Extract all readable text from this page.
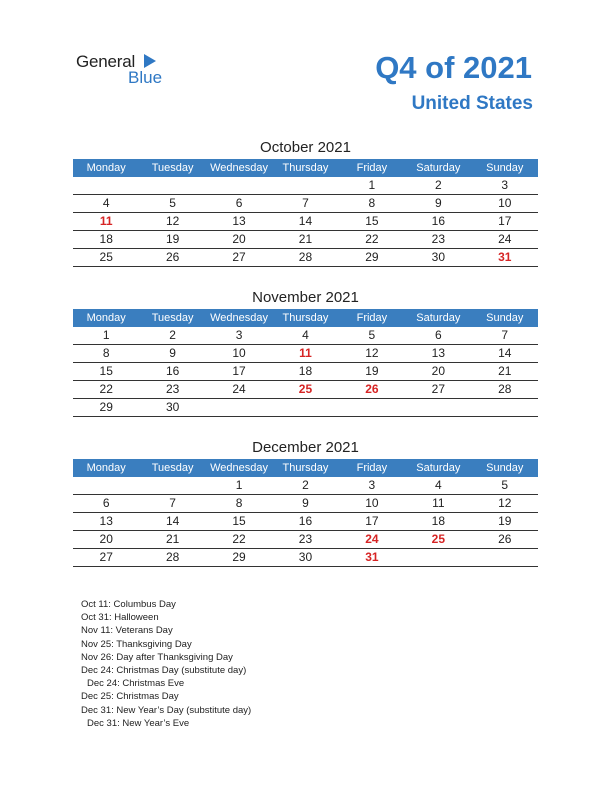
General
Blue	Q4 of 2021
United States
October 2021
Monday	Tuesday	Wednesday	Thursday	Friday	Saturday	Sunday
				1	2	3
4	5	6	7	8	9	10
11	12	13	14	15	16	17
18	19	20	21	22	23	24
25	26	27	28	29	30	31
November 2021
Monday	Tuesday	Wednesday	Thursday	Friday	Saturday	Sunday
1	2	3	4	5	6	7
8	9	10	11	12	13	14
15	16	17	18	19	20	21
22	23	24	25	26	27	28
29	30					
December 2021
Monday	Tuesday	Wednesday	Thursday	Friday	Saturday	Sunday
		1	2	3	4	5
6	7	8	9	10	11	12
13	14	15	16	17	18	19
20	21	22	23	24	25	26
27	28	29	30	31		
Oct 11: Columbus Day
Oct 31: Halloween
Nov 11: Veterans Day
Nov 25: Thanksgiving Day
Nov 26: Day after Thanksgiving Day
Dec 24: Christmas Day (substitute day)
Dec 24: Christmas Eve
Dec 25: Christmas Day
Dec 31: New Year’s Day (substitute day)
Dec 31: New Year’s Eve
